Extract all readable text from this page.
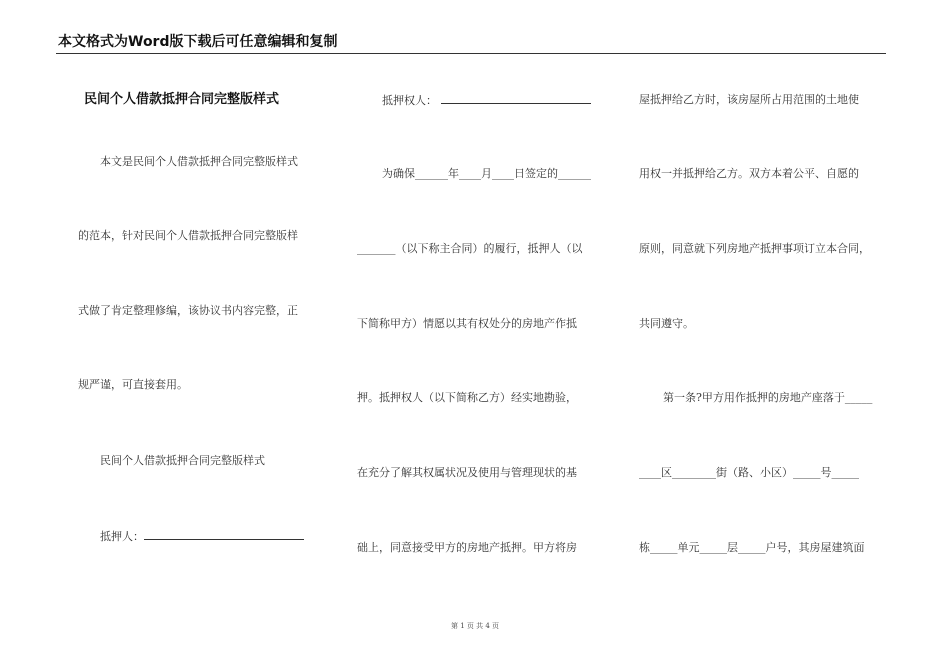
本文格式为Word版下载后可任意编辑和复制
民间个人借款抵押合同完整版样式
本文是民间个人借款抵押合同完整版样式
的范本，针对民间个人借款抵押合同完整版样
式做了肯定整理修编，该协议书内容完整，正
规严谨，可直接套用。
民间个人借款抵押合同完整版样式
抵押人：
抵押权人：
为确保______年____月____日签定的______
_______（以下称主合同）的履行，抵押人（以
下简称甲方）情愿以其有权处分的房地产作抵
押。抵押权人（以下简称乙方）经实地勘验，
在充分了解其权属状况及使用与管理现状的基
础上，同意接受甲方的房地产抵押。甲方将房
屋抵押给乙方时，该房屋所占用范围的土地使
用权一并抵押给乙方。双方本着公平、自愿的
原则，同意就下列房地产抵押事项订立本合同，
共同遵守。
第一条?甲方用作抵押的房地产座落于_____
____区________街（路、小区）_____号_____
栋_____单元_____层_____户号，其房屋建筑面
第 1 页 共 4 页
